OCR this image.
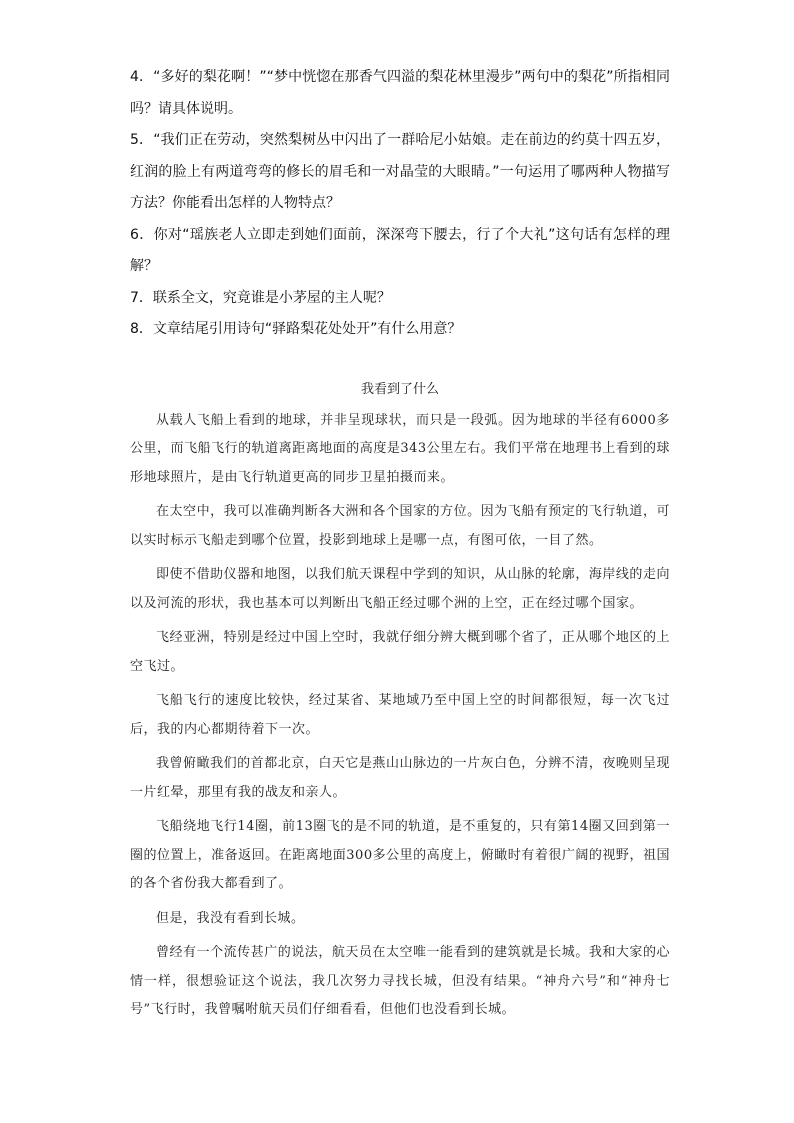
4．“多好的梨花啊！”“梦中恍惚在那香气四溢的梨花林里漫步”两句中的梨花”所指相同吗？请具体说明。

5．“我们正在劳动，突然梨树丛中闪出了一群哈尼小姑娘。走在前边的约莫十四五岁，红润的脸上有两道弯弯的修长的眉毛和一对晶莹的大眼睛。”一句运用了哪两种人物描写方法？你能看出怎样的人物特点？

6．你对“瑶族老人立即走到她们面前，深深弯下腰去，行了个大礼”这句话有怎样的理解？

7．联系全文，究竟谁是小茅屋的主人呢？

8．文章结尾引用诗句“驿路梨花处处开”有什么用意？

我看到了什么

从载人飞船上看到的地球，并非呈现球状，而只是一段弧。因为地球的半径有6000多公里，而飞船飞行的轨道离距离地面的高度是343公里左右。我们平常在地理书上看到的球形地球照片，是由飞行轨道更高的同步卫星拍摄而来。

在太空中，我可以准确判断各大洲和各个国家的方位。因为飞船有预定的飞行轨道，可以实时标示飞船走到哪个位置，投影到地球上是哪一点，有图可依，一目了然。

即使不借助仪器和地图，以我们航天课程中学到的知识，从山脉的轮廓，海岸线的走向以及河流的形状，我也基本可以判断出飞船正经过哪个洲的上空，正在经过哪个国家。

飞经亚洲，特别是经过中国上空时，我就仔细分辨大概到哪个省了，正从哪个地区的上空飞过。

飞船飞行的速度比较快，经过某省、某地域乃至中国上空的时间都很短，每一次飞过后，我的内心都期待着下一次。

我曾俯瞰我们的首都北京，白天它是燕山山脉边的一片灰白色，分辨不清，夜晚则呈现一片红晕，那里有我的战友和亲人。

飞船绕地飞行14圈，前13圈飞的是不同的轨道，是不重复的，只有第14圈又回到第一圈的位置上，准备返回。在距离地面300多公里的高度上，俯瞰时有着很广阔的视野，祖国的各个省份我大都看到了。

但是，我没有看到长城。

曾经有一个流传甚广的说法，航天员在太空唯一能看到的建筑就是长城。我和大家的心情一样，很想验证这个说法，我几次努力寻找长城，但没有结果。“神舟六号”和“神舟七号”飞行时，我曾嘱咐航天员们仔细看看，但他们也没看到长城。
